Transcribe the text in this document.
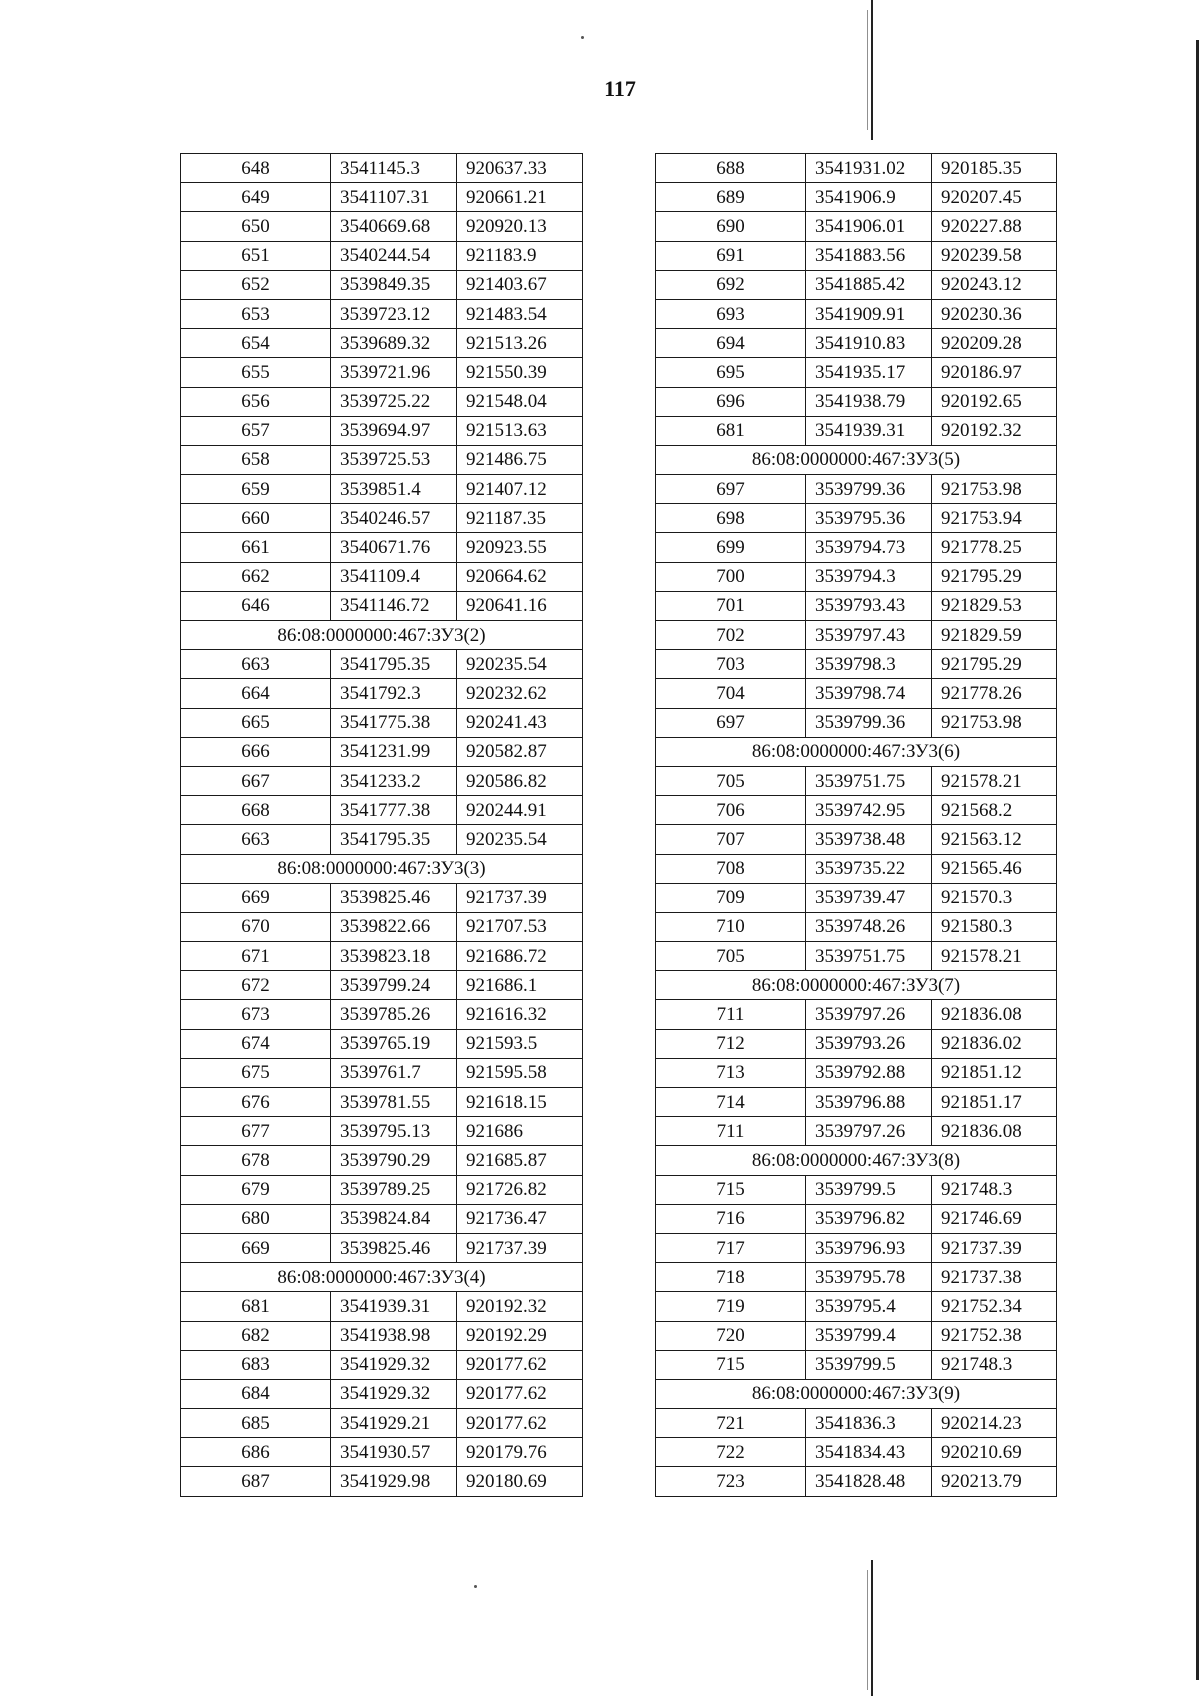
117
648	3541145.3	920637.33
649	3541107.31	920661.21
650	3540669.68	920920.13
651	3540244.54	921183.9
652	3539849.35	921403.67
653	3539723.12	921483.54
654	3539689.32	921513.26
655	3539721.96	921550.39
656	3539725.22	921548.04
657	3539694.97	921513.63
658	3539725.53	921486.75
659	3539851.4	921407.12
660	3540246.57	921187.35
661	3540671.76	920923.55
662	3541109.4	920664.62
646	3541146.72	920641.16
86:08:0000000:467:ЗУ3(2)		
663	3541795.35	920235.54
664	3541792.3	920232.62
665	3541775.38	920241.43
666	3541231.99	920582.87
667	3541233.2	920586.82
668	3541777.38	920244.91
663	3541795.35	920235.54
86:08:0000000:467:ЗУ3(3)		
669	3539825.46	921737.39
670	3539822.66	921707.53
671	3539823.18	921686.72
672	3539799.24	921686.1
673	3539785.26	921616.32
674	3539765.19	921593.5
675	3539761.7	921595.58
676	3539781.55	921618.15
677	3539795.13	921686
678	3539790.29	921685.87
679	3539789.25	921726.82
680	3539824.84	921736.47
669	3539825.46	921737.39
86:08:0000000:467:ЗУ3(4)		
681	3541939.31	920192.32
682	3541938.98	920192.29
683	3541929.32	920177.62
684	3541929.32	920177.62
685	3541929.21	920177.62
686	3541930.57	920179.76
687	3541929.98	920180.69
688	3541931.02	920185.35
689	3541906.9	920207.45
690	3541906.01	920227.88
691	3541883.56	920239.58
692	3541885.42	920243.12
693	3541909.91	920230.36
694	3541910.83	920209.28
695	3541935.17	920186.97
696	3541938.79	920192.65
681	3541939.31	920192.32
86:08:0000000:467:ЗУ3(5)		
697	3539799.36	921753.98
698	3539795.36	921753.94
699	3539794.73	921778.25
700	3539794.3	921795.29
701	3539793.43	921829.53
702	3539797.43	921829.59
703	3539798.3	921795.29
704	3539798.74	921778.26
697	3539799.36	921753.98
86:08:0000000:467:ЗУ3(6)		
705	3539751.75	921578.21
706	3539742.95	921568.2
707	3539738.48	921563.12
708	3539735.22	921565.46
709	3539739.47	921570.3
710	3539748.26	921580.3
705	3539751.75	921578.21
86:08:0000000:467:ЗУ3(7)		
711	3539797.26	921836.08
712	3539793.26	921836.02
713	3539792.88	921851.12
714	3539796.88	921851.17
711	3539797.26	921836.08
86:08:0000000:467:ЗУ3(8)		
715	3539799.5	921748.3
716	3539796.82	921746.69
717	3539796.93	921737.39
718	3539795.78	921737.38
719	3539795.4	921752.34
720	3539799.4	921752.38
715	3539799.5	921748.3
86:08:0000000:467:ЗУ3(9)		
721	3541836.3	920214.23
722	3541834.43	920210.69
723	3541828.48	920213.79
